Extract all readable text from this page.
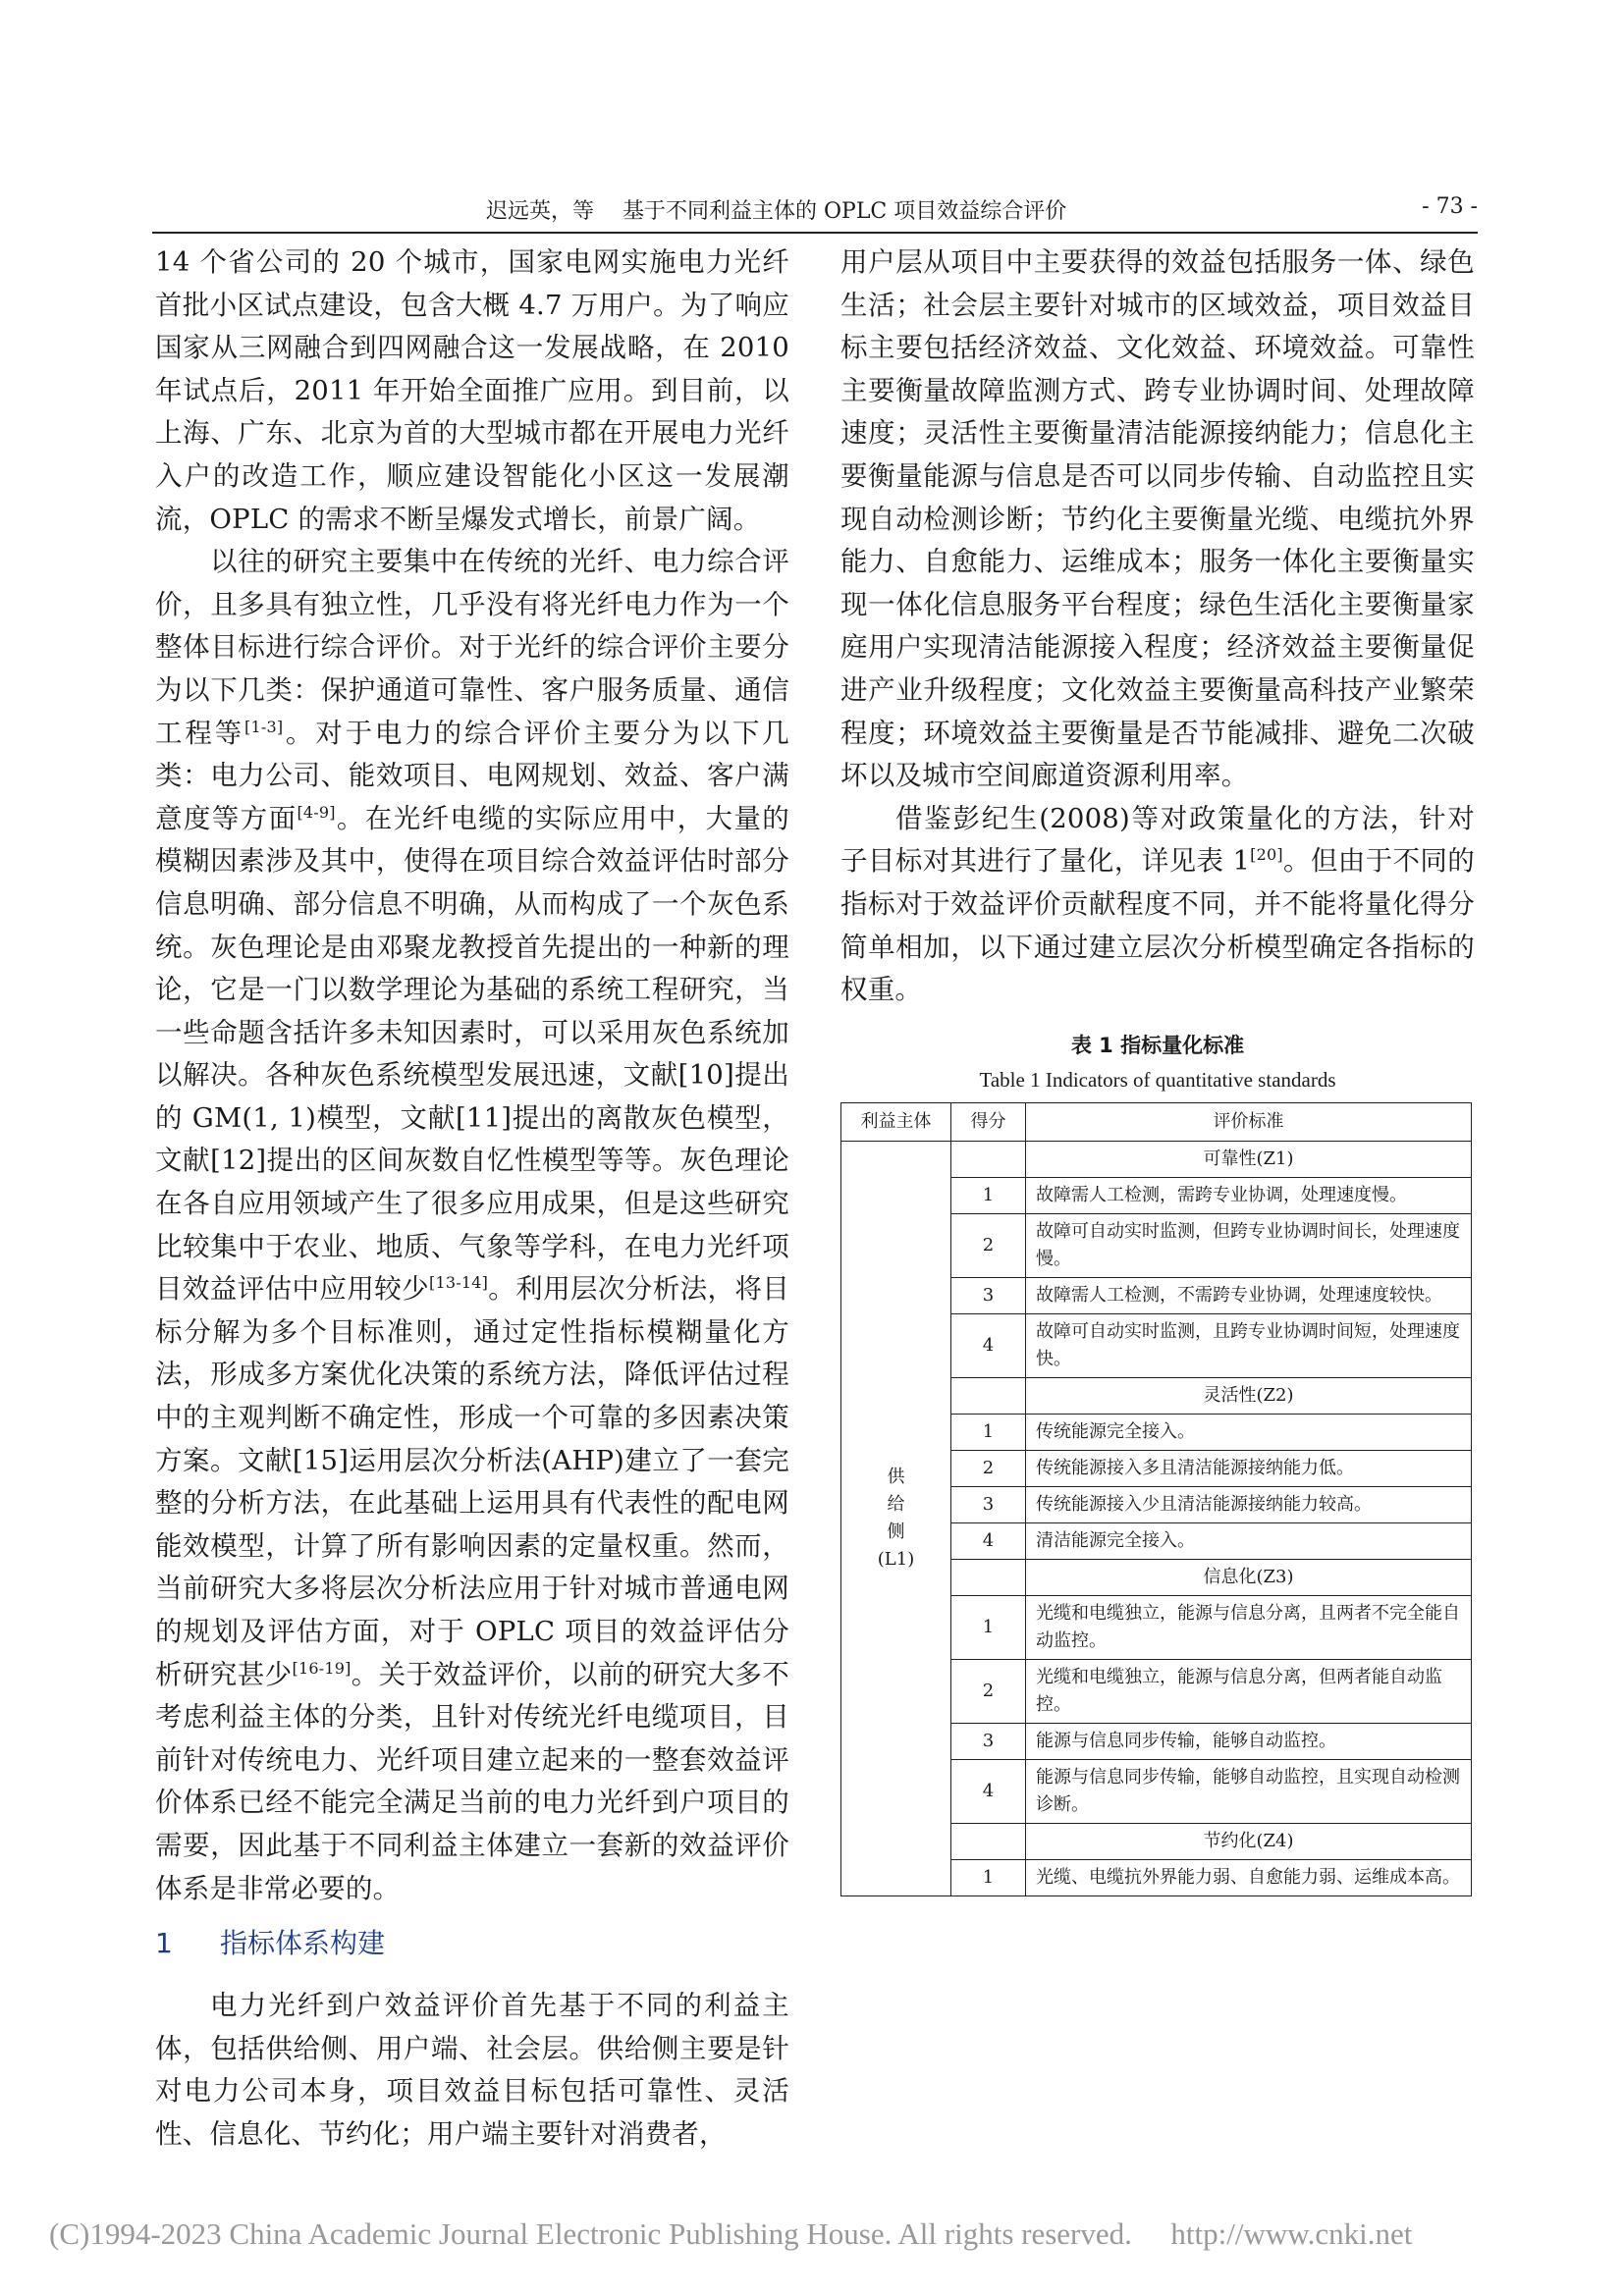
迟远英，等　 基于不同利益主体的 OPLC 项目效益综合评价	- 73 -

14 个省公司的 20 个城市，国家电网实施电力光纤首批小区试点建设，包含大概 4.7 万用户。为了响应国家从三网融合到四网融合这一发展战略，在 2010 年试点后，2011 年开始全面推广应用。到目前，以上海、广东、北京为首的大型城市都在开展电力光纤入户的改造工作，顺应建设智能化小区这一发展潮流，OPLC 的需求不断呈爆发式增长，前景广阔。

以往的研究主要集中在传统的光纤、电力综合评价，且多具有独立性，几乎没有将光纤电力作为一个整体目标进行综合评价。对于光纤的综合评价主要分为以下几类：保护通道可靠性、客户服务质量、通信工程等[1-3]。对于电力的综合评价主要分为以下几类：电力公司、能效项目、电网规划、效益、客户满意度等方面[4-9]。在光纤电缆的实际应用中，大量的模糊因素涉及其中，使得在项目综合效益评估时部分信息明确、部分信息不明确，从而构成了一个灰色系统。灰色理论是由邓聚龙教授首先提出的一种新的理论，它是一门以数学理论为基础的系统工程研究，当一些命题含括许多未知因素时，可以采用灰色系统加以解决。各种灰色系统模型发展迅速，文献[10]提出的 GM(1, 1)模型，文献[11]提出的离散灰色模型，文献[12]提出的区间灰数自忆性模型等等。灰色理论在各自应用领域产生了很多应用成果，但是这些研究比较集中于农业、地质、气象等学科，在电力光纤项目效益评估中应用较少[13-14]。利用层次分析法，将目标分解为多个目标准则，通过定性指标模糊量化方法，形成多方案优化决策的系统方法，降低评估过程中的主观判断不确定性，形成一个可靠的多因素决策方案。文献[15]运用层次分析法(AHP)建立了一套完整的分析方法，在此基础上运用具有代表性的配电网能效模型，计算了所有影响因素的定量权重。然而，当前研究大多将层次分析法应用于针对城市普通电网的规划及评估方面，对于 OPLC 项目的效益评估分析研究甚少[16-19]。关于效益评价，以前的研究大多不考虑利益主体的分类，且针对传统光纤电缆项目，目前针对传统电力、光纤项目建立起来的一整套效益评价体系已经不能完全满足当前的电力光纤到户项目的需要，因此基于不同利益主体建立一套新的效益评价体系是非常必要的。

1 指标体系构建

电力光纤到户效益评价首先基于不同的利益主体，包括供给侧、用户端、社会层。供给侧主要是针对电力公司本身，项目效益目标包括可靠性、灵活性、信息化、节约化；用户端主要针对消费者，

用户层从项目中主要获得的效益包括服务一体、绿色生活；社会层主要针对城市的区域效益，项目效益目标主要包括经济效益、文化效益、环境效益。可靠性主要衡量故障监测方式、跨专业协调时间、处理故障速度；灵活性主要衡量清洁能源接纳能力；信息化主要衡量能源与信息是否可以同步传输、自动监控且实现自动检测诊断；节约化主要衡量光缆、电缆抗外界能力、自愈能力、运维成本；服务一体化主要衡量实现一体化信息服务平台程度；绿色生活化主要衡量家庭用户实现清洁能源接入程度；经济效益主要衡量促进产业升级程度；文化效益主要衡量高科技产业繁荣程度；环境效益主要衡量是否节能减排、避免二次破坏以及城市空间廊道资源利用率。

借鉴彭纪生(2008)等对政策量化的方法，针对子目标对其进行了量化，详见表 1[20]。但由于不同的指标对于效益评价贡献程度不同，并不能将量化得分简单相加，以下通过建立层次分析模型确定各指标的权重。

表 1 指标量化标准
Table 1 Indicators of quantitative standards
利益主体	得分	评价标准

供
给
侧
(L1)		可靠性(Z1)
	1	故障需人工检测，需跨专业协调，处理速度慢。
	2	故障可自动实时监测，但跨专业协调时间长，处理速度慢。
	3	故障需人工检测，不需跨专业协调，处理速度较快。
	4	故障可自动实时监测，且跨专业协调时间短，处理速度快。
		灵活性(Z2)
	1	传统能源完全接入。
	2	传统能源接入多且清洁能源接纳能力低。
	3	传统能源接入少且清洁能源接纳能力较高。
	4	清洁能源完全接入。
		信息化(Z3)
	1	光缆和电缆独立，能源与信息分离，且两者不完全能自动监控。
	2	光缆和电缆独立，能源与信息分离，但两者能自动监控。
	3	能源与信息同步传输，能够自动监控。
	4	能源与信息同步传输，能够自动监控，且实现自动检测诊断。
		节约化(Z4)
	1	光缆、电缆抗外界能力弱、自愈能力弱、运维成本高。

(C)1994-2023 China Academic Journal Electronic Publishing House. All rights reserved. http://www.cnki.net
